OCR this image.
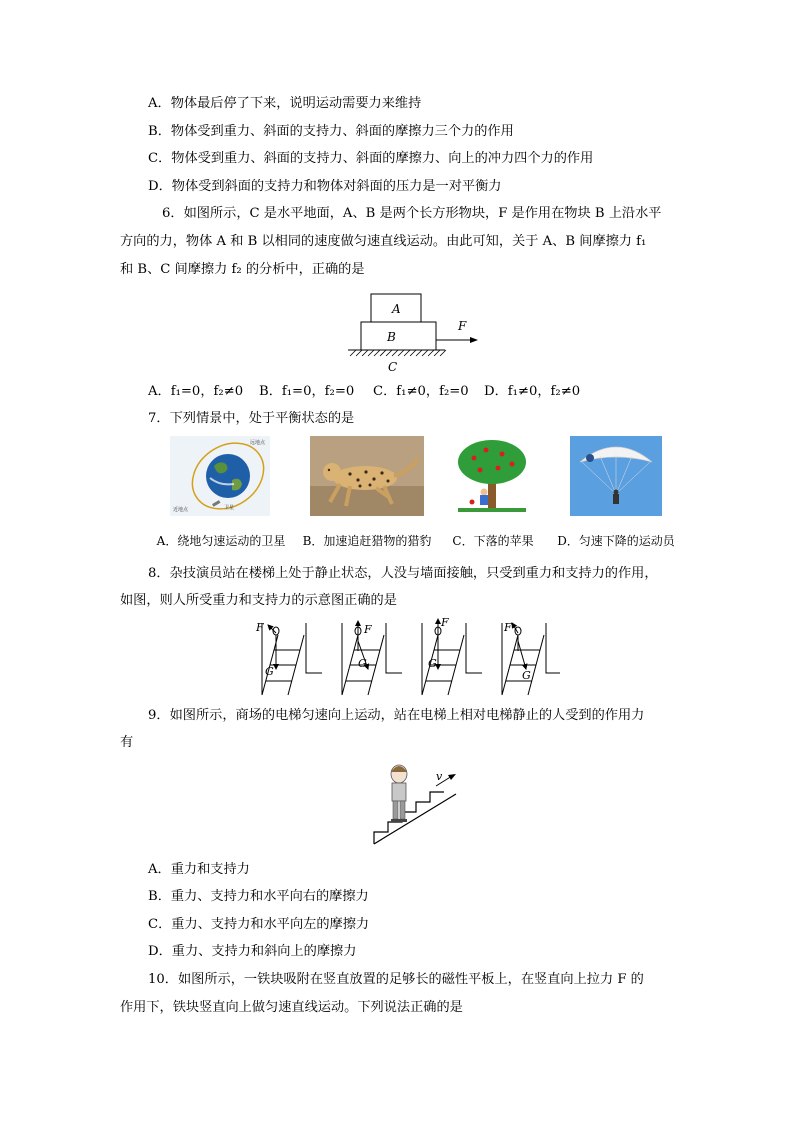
A．物体最后停了下来，说明运动需要力来维持
B．物体受到重力、斜面的支持力、斜面的摩擦力三个力的作用
C．物体受到重力、斜面的支持力、斜面的摩擦力、向上的冲力四个力的作用
D．物体受到斜面的支持力和物体对斜面的压力是一对平衡力
6．如图所示，C 是水平地面，A、B 是两个长方形物块，F 是作用在物块 B 上沿水平
方向的力，物体 A 和 B 以相同的速度做匀速直线运动。由此可知，关于 A、B 间摩擦力 f₁
和 B、C 间摩擦力 f₂ 的分析中，正确的是
A
B
C
F
A．f₁=0，f₂≠0 B．f₁=0，f₂=0 C．f₁≠0，f₂=0 D．f₁≠0，f₂≠0
7．下列情景中，处于平衡状态的是
远地点
近地点	卫星
A．绕地匀速运动的卫星	B．加速追赶猎物的猎豹	C．下落的苹果	D．匀速下降的运动员
8．杂技演员站在楼梯上处于静止状态，人没与墙面接触，只受到重力和支持力的作用，
如图，则人所受重力和支持力的示意图正确的是
F
G
F
G
F
G
F
G
9．如图所示，商场的电梯匀速向上运动，站在电梯上相对电梯静止的人受到的作用力
有
v
A．重力和支持力
B．重力、支持力和水平向右的摩擦力
C．重力、支持力和水平向左的摩擦力
D．重力、支持力和斜向上的摩擦力
10．如图所示，一铁块吸附在竖直放置的足够长的磁性平板上，在竖直向上拉力 F 的
作用下，铁块竖直向上做匀速直线运动。下列说法正确的是
